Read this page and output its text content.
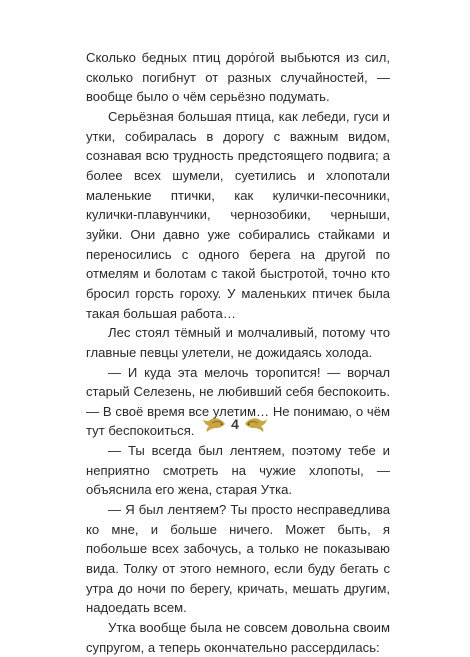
Сколько бедных птиц доро́гой выбьются из сил, сколько погибнут от разных случайностей, — вообще было о чём серьёзно подумать.

Серьёзная большая птица, как лебеди, гуси и утки, собиралась в дорогу с важным видом, сознавая всю трудность предстоящего подвига; а более всех шумели, суетились и хлопотали маленькие птички, как кулички-песочники, кулички-плавунчики, чернозобики, черныши, зуйки. Они давно уже собирались стайками и переносились с одного берега на другой по отмелям и болотам с такой быстротой, точно кто бросил горсть гороху. У маленьких птичек была такая большая работа…

Лес стоял тёмный и молчаливый, потому что главные певцы улетели, не дожидаясь холода.

— И куда эта мелочь торопится! — ворчал старый Селезень, не любивший себя беспокоить. — В своё время все улетим… Не понимаю, о чём тут беспокоиться.

— Ты всегда был лентяем, поэтому тебе и неприятно смотреть на чужие хлопоты, — объяснила его жена, старая Утка.

— Я был лентяем? Ты просто несправедлива ко мне, и больше ничего. Может быть, я побольше всех забочусь, а только не показываю вида. Толку от этого немного, если буду бегать с утра до ночи по берегу, кричать, мешать другим, надоедать всем.

Утка вообще была не совсем довольна своим супругом, а теперь окончательно рассердилась:

4
